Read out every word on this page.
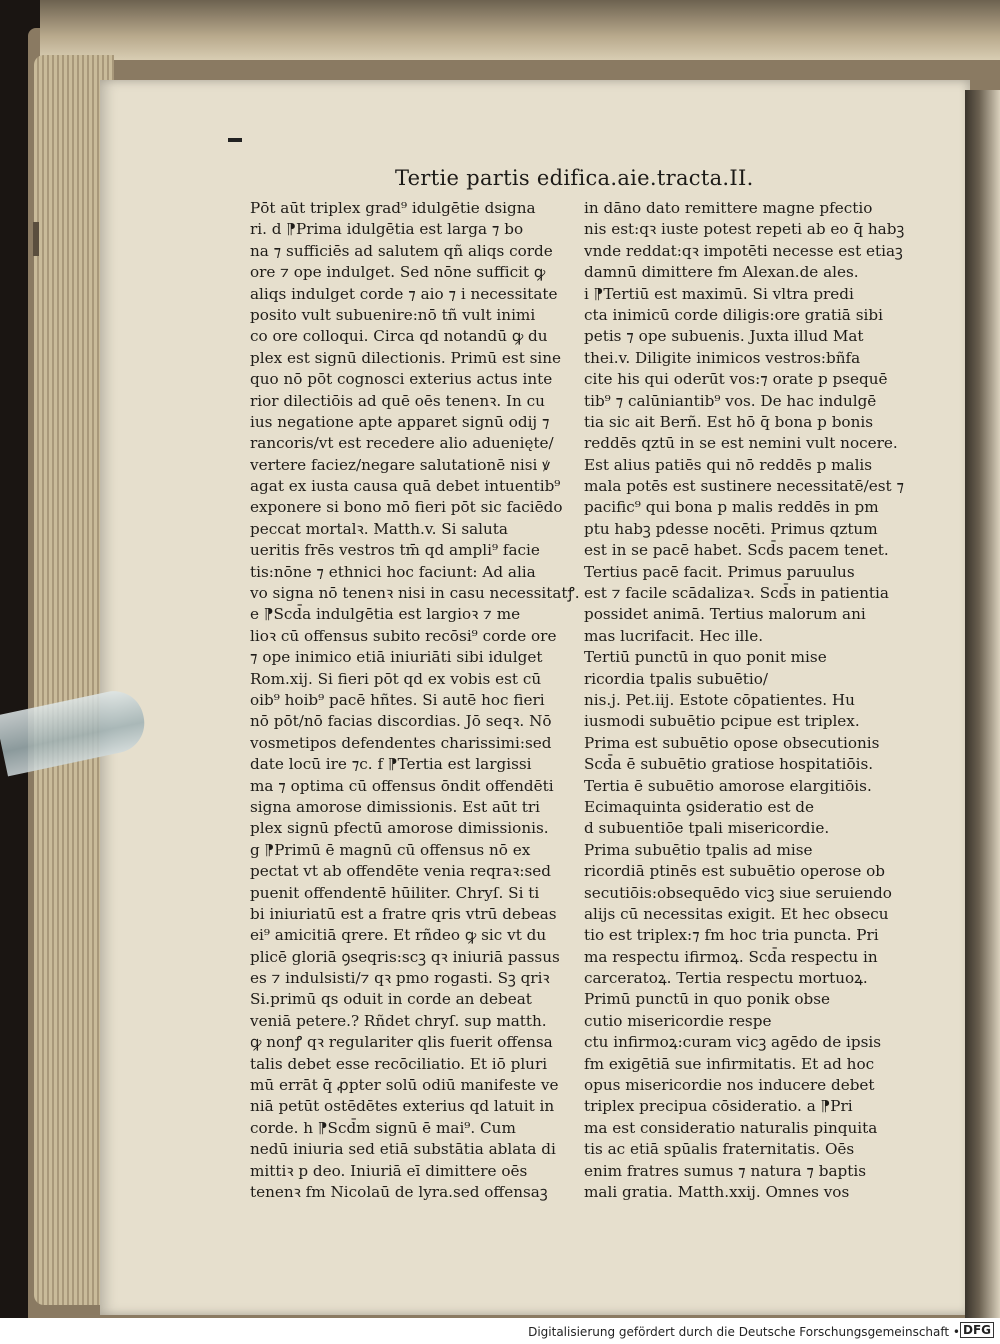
Tertie partis edifica.aie.tracta.II.
Pōt aūt triplex grad⁹ idulgētie dsigna
ri. d ⁋Prima idulgētia est larga ⁊ bo
na ⁊ sufficiēs ad salutem qñ aliqs corde
ore ⁊ ope indulget. Sed nōne sufficit ꝙ
aliqs indulget corde ⁊ aio ⁊ i necessitate
posito vult subuenire:nō tñ vult inimi
co ore colloqui. Circa qd notandū ꝙ du
plex est signū dilectionis. Primū est sine
quo nō pōt cognosci exterius actus inte
rior dilectiōis ad quē oēs tenenꝛ. In cu
ius negatione apte apparet signū odij ⁊
rancoris/vt est recedere alio aduenięte/
vertere faciez/negare salutationē nisi ꝟ
agat ex iusta causa quā debet intuentib⁹
exponere si bono mō fieri pōt sic faciēdo
peccat mortalꝛ. Matth.v. Si saluta
ueritis frēs vestros tm̄ qd ampli⁹ facie
tis:nōne ⁊ ethnici hoc faciunt: Ad alia
vo signa nō tenenꝛ nisi in casu necessitatꝭ.
e ⁋Scd̄a indulgētia est largioꝛ ⁊ me
lioꝛ cū offensus subito recōsi⁹ corde ore
⁊ ope inimico etiā iniuriāti sibi idulget
Rom.xij. Si fieri pōt qd ex vobis est cū
oib⁹ hoib⁹ pacē hñtes. Si autē hoc fieri
nō pōt/nō facias discordias. Jō seqꝛ. Nō
vosmetipos defendentes charissimi:sed
date locū ire ⁊c. f ⁋Tertia est largissi
ma ⁊ optima cū offensus ōndit offendēti
signa amorose dimissionis. Est aūt tri
plex signū pfectū amorose dimissionis.
g ⁋Primū ē magnū cū offensus nō ex
pectat vt ab offendēte venia reqraꝛ:sed
puenit offendentē hūiliter. Chryſ. Si ti
bi iniuriatū est a fratre qris vtrū debeas
ei⁹ amicitiā qrere. Et rñdeo ꝙ sic vt du
plicē gloriā ꝯseqris:scꝫ qꝛ iniuriā passus
es ⁊ indulsisti/⁊ qꝛ pmo rogasti. Sꝫ qriꝛ
Si.primū qs oduit in corde an debeat
veniā petere.? Rñdet chryſ. sup matth.
ꝙ nonꝭ qꝛ regulariter qlis fuerit offensa
talis debet esse recōciliatio. Et iō pluri
mū errāt q̄ ꝓpter solū odiū manifeste ve
niā petūt ostēdētes exterius qd latuit in
corde. h ⁋Scd̄m signū ē mai⁹. Cum
nedū iniuria sed etiā substātia ablata di
mittiꝛ p deo. Iniuriā eī dimittere oēs
tenenꝛ fm Nicolaū de lyra.sed offensaꝫ
in dāno dato remittere magne pfectio
nis est:qꝛ iuste potest repeti ab eo q̄ habꝫ
vnde reddat:qꝛ impotēti necesse est etiaꝫ
damnū dimittere fm Alexan.de ales.
i ⁋Tertiū est maximū. Si vltra predi
cta inimicū corde diligis:ore gratiā sibi
petis ⁊ ope subuenis. Juxta illud Mat
thei.v. Diligite inimicos vestros:bñfa
cite his qui oderūt vos:⁊ orate p psequē
tib⁹ ⁊ calūniantib⁹ vos. De hac indulgē
tia sic ait Berñ. Est hō q̄ bona p bonis
reddēs qztū in se est nemini vult nocere.
Est alius patiēs qui nō reddēs p malis
mala potēs est sustinere necessitatē/est ⁊
pacific⁹ qui bona p malis reddēs in pm
ptu habꝫ pdesse nocēti. Primus qztum
est in se pacē habet. Scd̄s pacem tenet.
Tertius pacē facit. Primus paruulus
est ⁊ facile scādalizaꝛ. Scd̄s in patientia
possidet animā. Tertius malorum ani
mas lucrifacit. Hec ille.
Tertiū punctū in quo ponit mise
ricordia tpalis subuētio/
nis.j. Pet.iij. Estote cōpatientes. Hu
iusmodi subuētio pcipue est triplex.
Prima est subuētio opose obsecutionis
Scd̄a ē subuētio gratiose hospitatiōis.
Tertia ē subuētio amorose elargitiōis.
Ecimaquinta ꝯsideratio est de
d subuentiōe tpali misericordie.
Prima subuētio tpalis ad mise
ricordiā ptinēs est subuētio operose ob
secutiōis:obsequēdo vicꝫ siue seruiendo
alijs cū necessitas exigit. Et hec obsecu
tio est triplex:⁊ fm hoc tria puncta. Pri
ma respectu ifirmoꝝ. Scd̄a respectu in
carceratoꝝ. Tertia respectu mortuoꝝ.
Primū punctū in quo ponik obse
cutio misericordie respe
ctu infirmoꝝ:curam vicꝫ agēdo de ipsis
fm exigētiā sue infirmitatis. Et ad hoc
opus misericordie nos inducere debet
triplex precipua cōsideratio. a ⁋Pri
ma est consideratio naturalis pinquita
tis ac etiā spūalis fraternitatis. Oēs
enim fratres sumus ⁊ natura ⁊ baptis
mali gratia. Matth.xxij. Omnes vos
Digitalisierung gefördert durch die Deutsche Forschungsgemeinschaft • DFG
